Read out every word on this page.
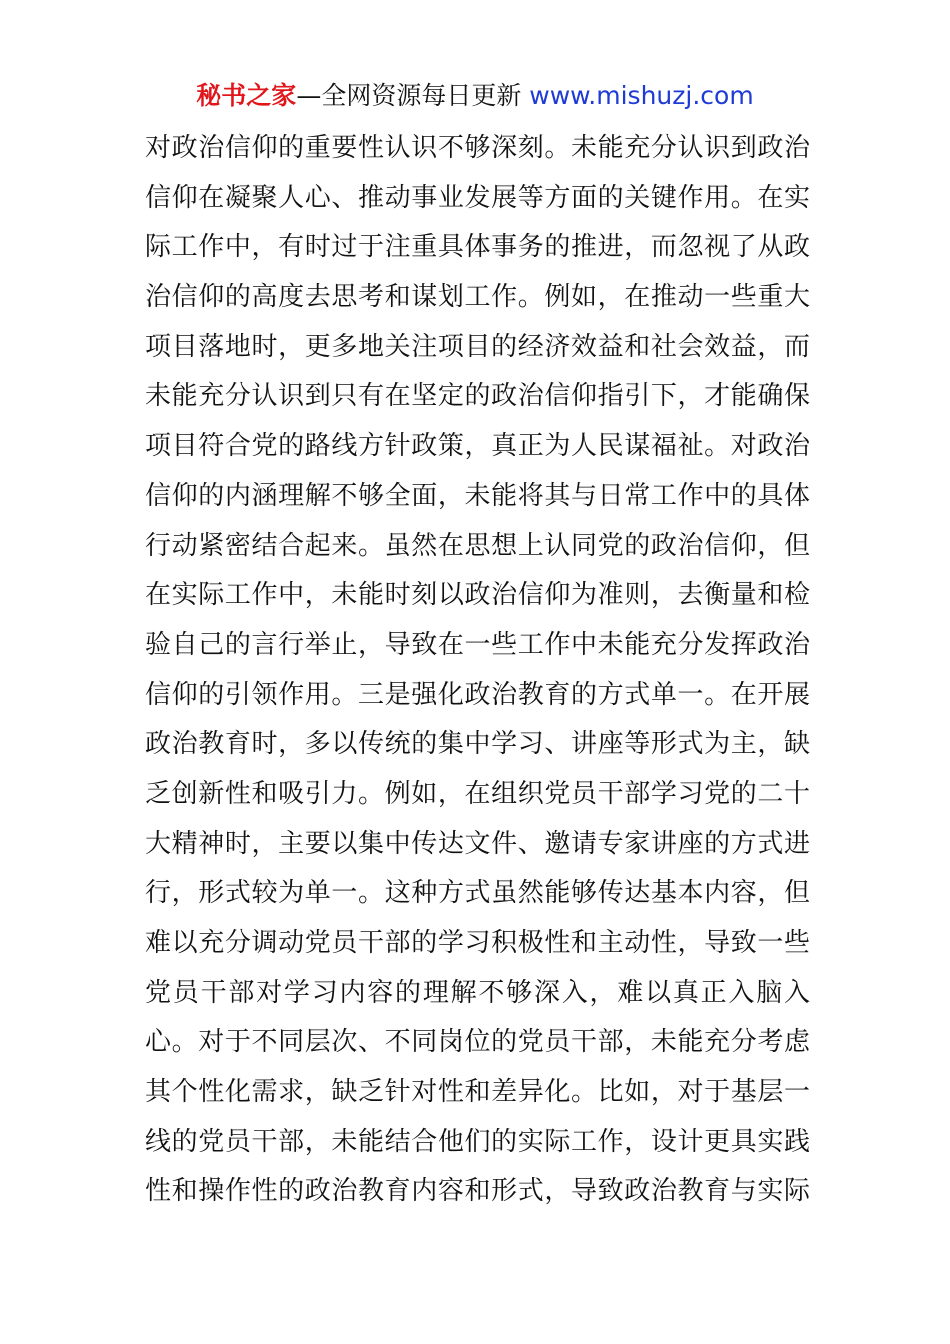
秘书之家—全网资源每日更新 www.mishuzj.com
对政治信仰的重要性认识不够深刻。未能充分认识到政治
信仰在凝聚人心、推动事业发展等方面的关键作用。在实
际工作中，有时过于注重具体事务的推进，而忽视了从政
治信仰的高度去思考和谋划工作。例如，在推动一些重大
项目落地时，更多地关注项目的经济效益和社会效益，而
未能充分认识到只有在坚定的政治信仰指引下，才能确保
项目符合党的路线方针政策，真正为人民谋福祉。对政治
信仰的内涵理解不够全面，未能将其与日常工作中的具体
行动紧密结合起来。虽然在思想上认同党的政治信仰，但
在实际工作中，未能时刻以政治信仰为准则，去衡量和检
验自己的言行举止，导致在一些工作中未能充分发挥政治
信仰的引领作用。三是强化政治教育的方式单一。在开展
政治教育时，多以传统的集中学习、讲座等形式为主，缺
乏创新性和吸引力。例如，在组织党员干部学习党的二十
大精神时，主要以集中传达文件、邀请专家讲座的方式进
行，形式较为单一。这种方式虽然能够传达基本内容，但
难以充分调动党员干部的学习积极性和主动性，导致一些
党员干部对学习内容的理解不够深入，难以真正入脑入
心。对于不同层次、不同岗位的党员干部，未能充分考虑
其个性化需求，缺乏针对性和差异化。比如，对于基层一
线的党员干部，未能结合他们的实际工作，设计更具实践
性和操作性的政治教育内容和形式，导致政治教育与实际
